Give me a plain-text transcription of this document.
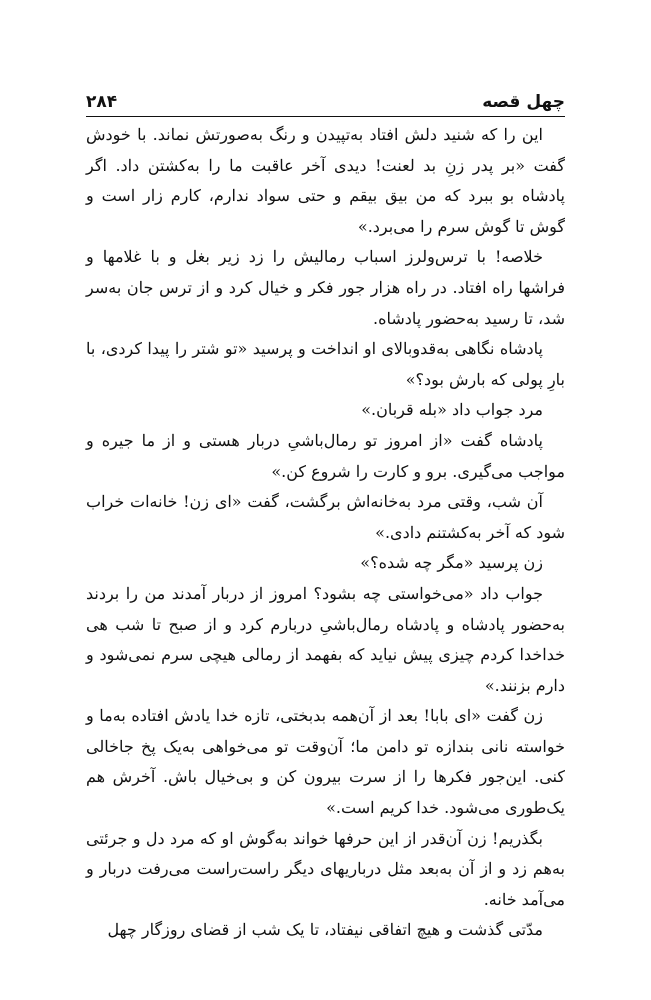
۲۸۴	چهل قصه

این را که شنید دلش افتاد به‌تپیدن و رنگ به‌صورتش نماند. با خودش گفت «بر پدر زنِ بد لعنت! دیدی آخر عاقبت ما را به‌کشتن داد. اگر پادشاه بو ببرد که من بیق بیقم و حتی سواد ندارم، کارم زار است و گوش تا گوش سرم را می‌برد.»

خلاصه! با ترس‌ولرز اسباب رمالیش را زد زیر بغل و با غلامها و فراشها راه افتاد. در راه هزار جور فکر و خیال کرد و از ترس جان به‌سر شد، تا رسید به‌حضور پادشاه.

پادشاه نگاهی به‌قدوبالای او انداخت و پرسید «تو شتر را پیدا کردی، با بارِ پولی که بارش بود؟»

مرد جواب داد «بله قربان.»

پادشاه گفت «از امروز تو رمال‌باشیِ دربار هستی و از ما جیره و مواجب می‌گیری. برو و کارت را شروع کن.»

آن شب، وقتی مرد به‌خانه‌اش برگشت، گفت «ای زن! خانه‌ات خراب شود که آخر به‌کشتنم دادی.»

زن پرسید «مگر چه شده؟»

جواب داد «می‌خواستی چه بشود؟ امروز از دربار آمدند من را بردند به‌حضور پادشاه و پادشاه رمال‌باشیِ دربارم کرد و از صبح تا شب هی خداخدا کردم چیزی پیش نیاید که بفهمد از رمالی هیچی سرم نمی‌شود و دارم بزنند.»

زن گفت «ای بابا! بعد از آن‌همه بدبختی، تازه خدا یادش افتاده به‌ما و خواسته نانی بندازه تو دامن ما؛ آن‌وقت تو می‌خواهی به‌یک پخ جاخالی کنی. این‌جور فکرها را از سرت بیرون کن و بی‌خیال باش. آخرش هم یک‌طوری می‌شود. خدا کریم است.»

بگذریم! زن آن‌قدر از این حرفها خواند به‌گوش او که مرد دل و جرئتی به‌هم زد و از آن به‌بعد مثل درباریهای دیگر راست‌راست می‌رفت دربار و می‌آمد خانه.

مدّتی گذشت و هیچ اتفاقی نیفتاد، تا یک شب از قضای روزگار چهل
